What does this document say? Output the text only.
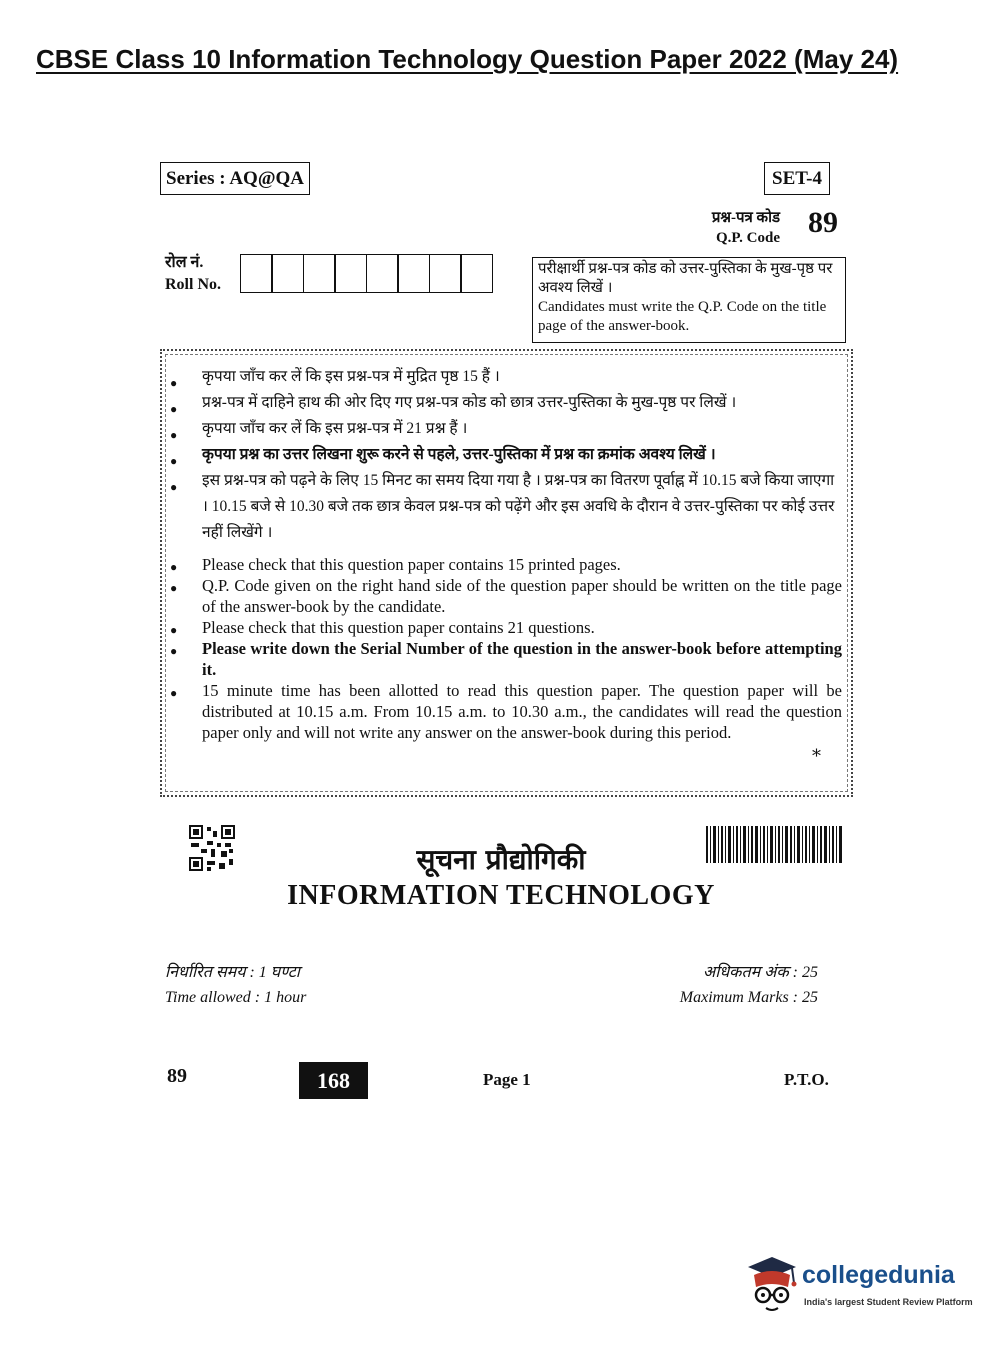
CBSE Class 10 Information Technology Question Paper 2022 (May 24)
Series : AQ@QA	SET-4
प्रश्न-पत्र कोड
Q.P. Code 89
रोल नं.
Roll No.
परीक्षार्थी प्रश्न-पत्र कोड को उत्तर-पुस्तिका के मुख-पृष्ठ पर अवश्य लिखें ।
Candidates must write the Q.P. Code on the title page of the answer-book.
*
● कृपया जाँच कर लें कि इस प्रश्न-पत्र में मुद्रित पृष्ठ 15 हैं ।
● प्रश्न-पत्र में दाहिने हाथ की ओर दिए गए प्रश्न-पत्र कोड को छात्र उत्तर-पुस्तिका के मुख-पृष्ठ पर लिखें ।
● कृपया जाँच कर लें कि इस प्रश्न-पत्र में 21 प्रश्न हैं ।
● कृपया प्रश्न का उत्तर लिखना शुरू करने से पहले, उत्तर-पुस्तिका में प्रश्न का क्रमांक अवश्य लिखें ।
● इस प्रश्न-पत्र को पढ़ने के लिए 15 मिनट का समय दिया गया है । प्रश्न-पत्र का वितरण पूर्वाह्न में 10.15 बजे किया जाएगा । 10.15 बजे से 10.30 बजे तक छात्र केवल प्रश्न-पत्र को पढ़ेंगे और इस अवधि के दौरान वे उत्तर-पुस्तिका पर कोई उत्तर नहीं लिखेंगे ।
● Please check that this question paper contains 15 printed pages.
● Q.P. Code given on the right hand side of the question paper should be written on the title page of the answer-book by the candidate.
● Please check that this question paper contains 21 questions.
● Please write down the Serial Number of the question in the answer-book before attempting it.
● 15 minute time has been allotted to read this question paper. The question paper will be distributed at 10.15 a.m. From 10.15 a.m. to 10.30 a.m., the candidates will read the question paper only and will not write any answer on the answer-book during this period.
सूचना प्रौद्योगिकी
INFORMATION TECHNOLOGY
निर्धारित समय : 1 घण्टा
Time allowed : 1 hour
अधिकतम अंक : 25
Maximum Marks : 25
89	168	Page 1	P.T.O.
collegedunia
India's largest Student Review Platform
